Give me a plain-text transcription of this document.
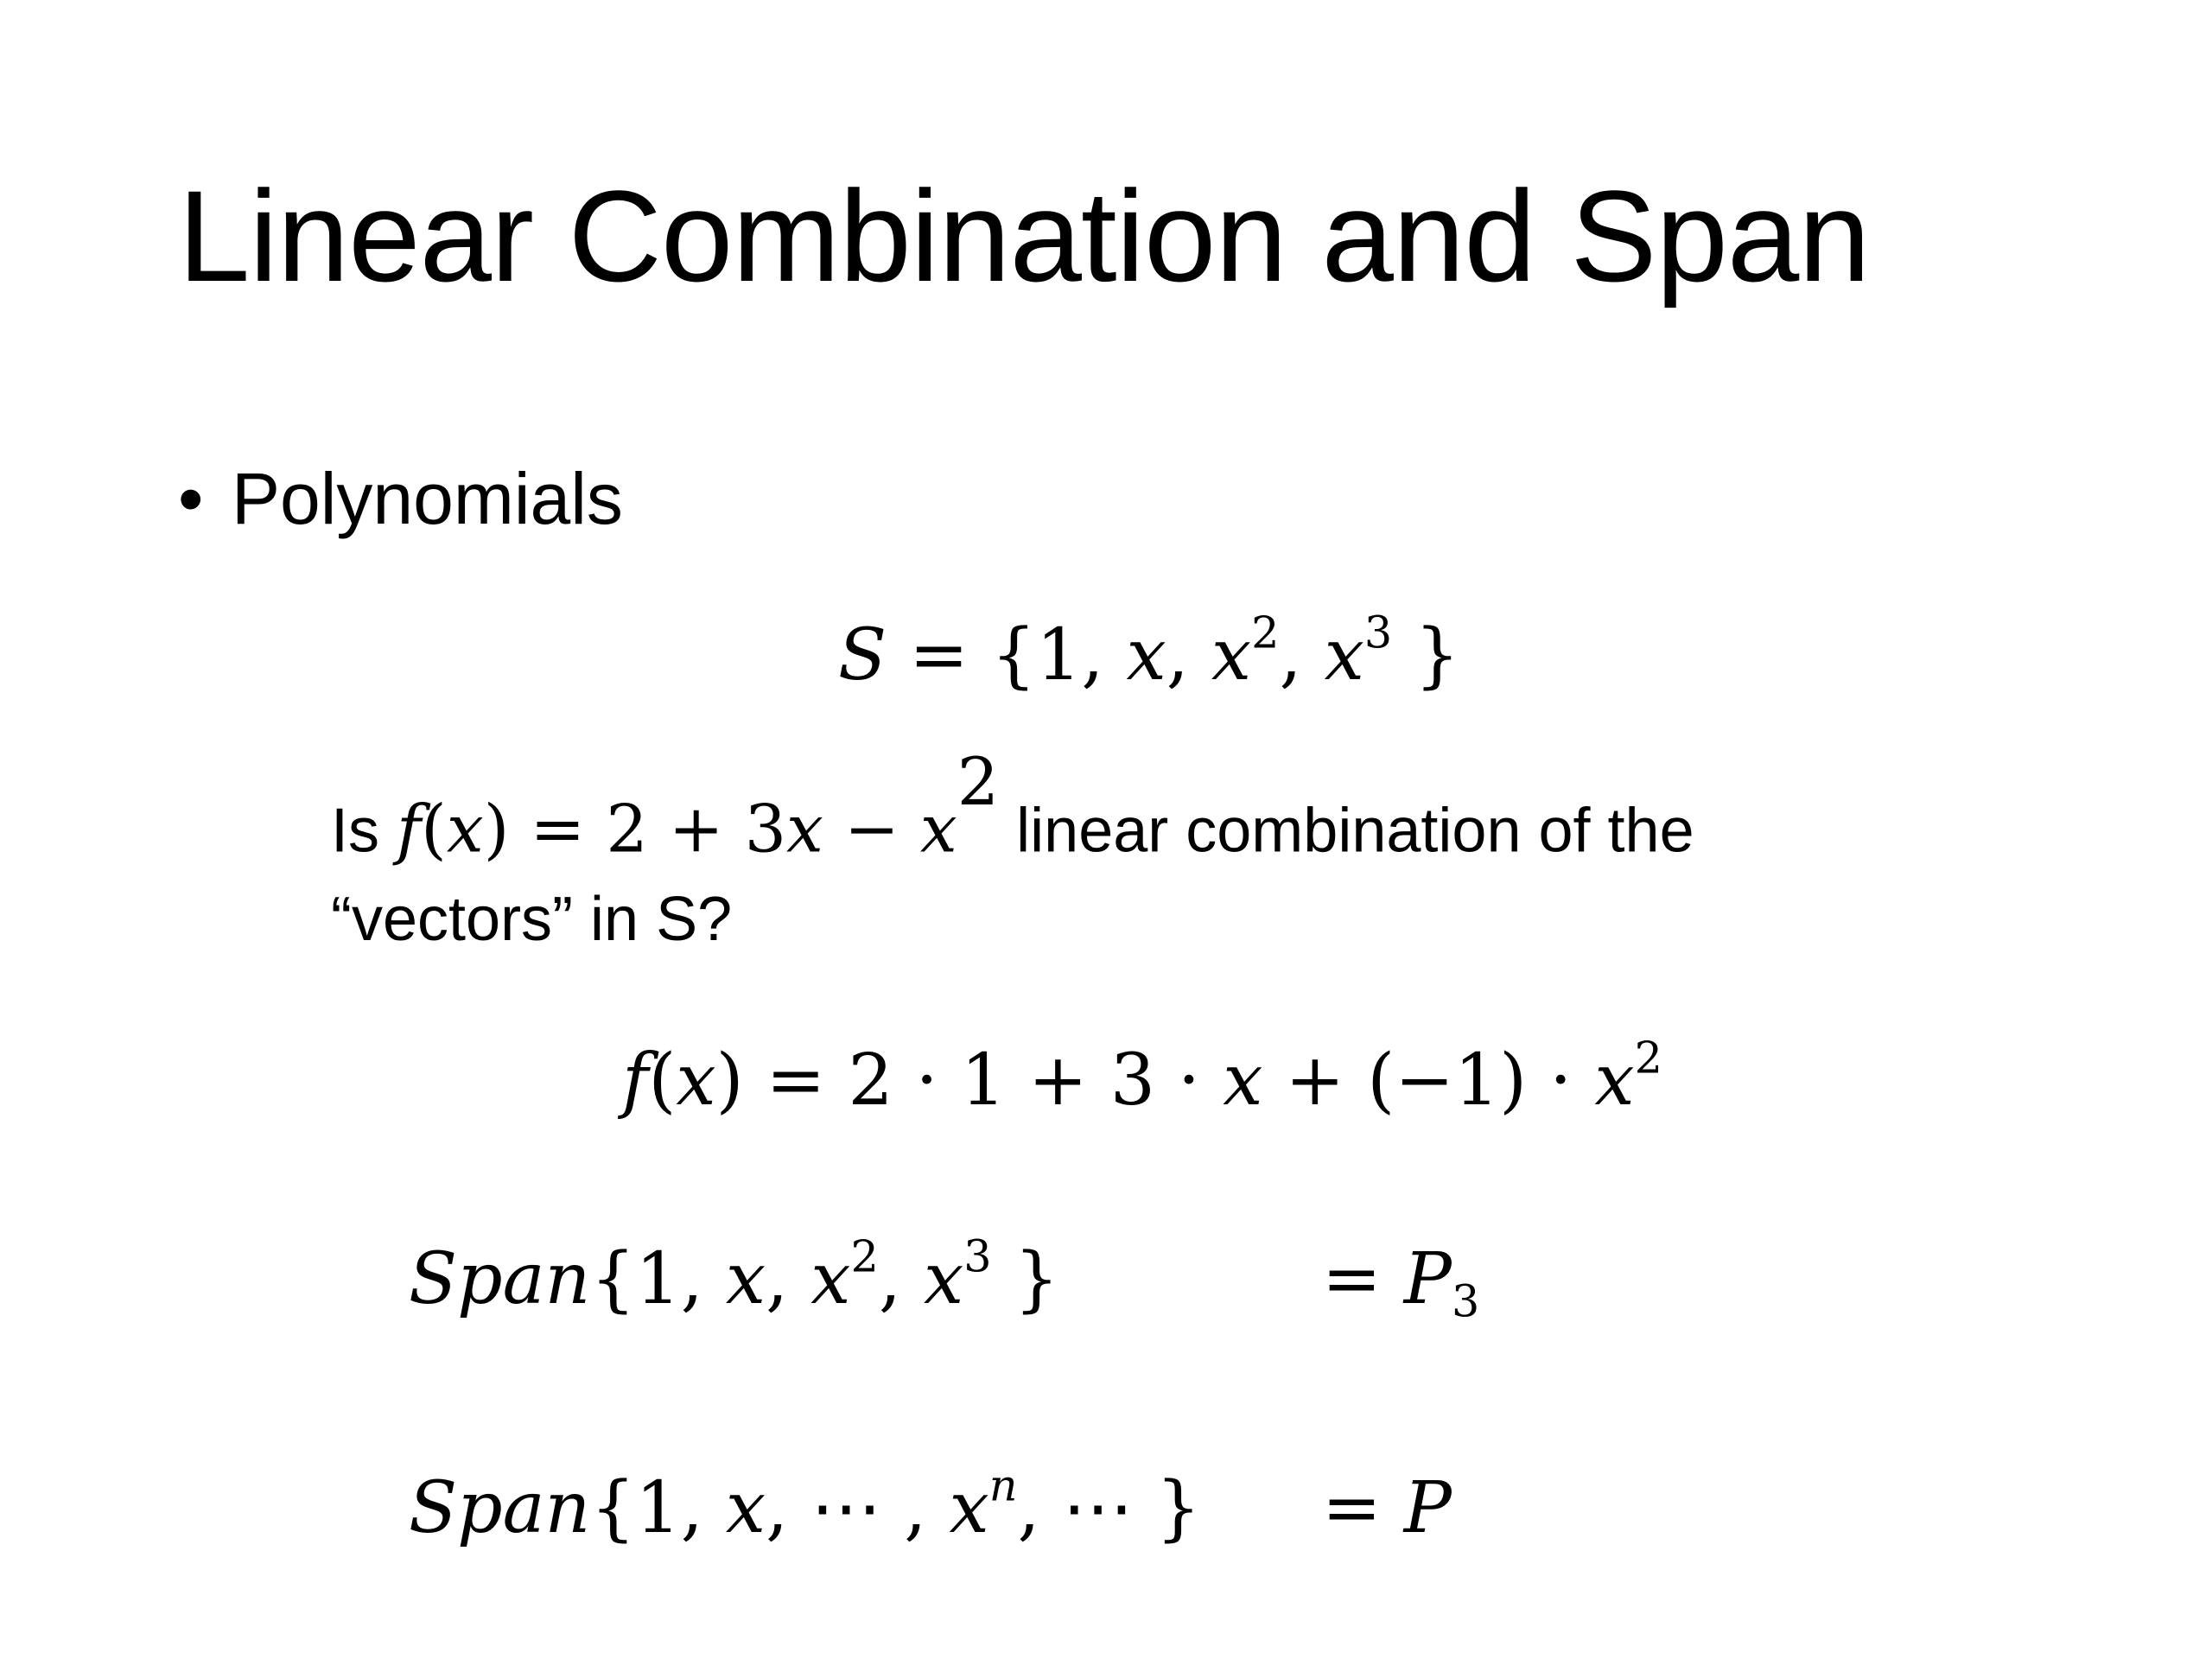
Linear Combination and Span
• Polynomials
S = {1, x, $x^2$, $x^3$ }
Is $f(x) = 2 + 3x - x^2$ linear combination of the “vectors” in S?
$f(x) = 2 \cdot 1 + 3 \cdot x + (-1) \cdot x^2$
Span{1, x, $x^2$, $x^3$ }	= $P_3$
Span{1, x, ⋯ , $x^n$, ⋯ } = P
